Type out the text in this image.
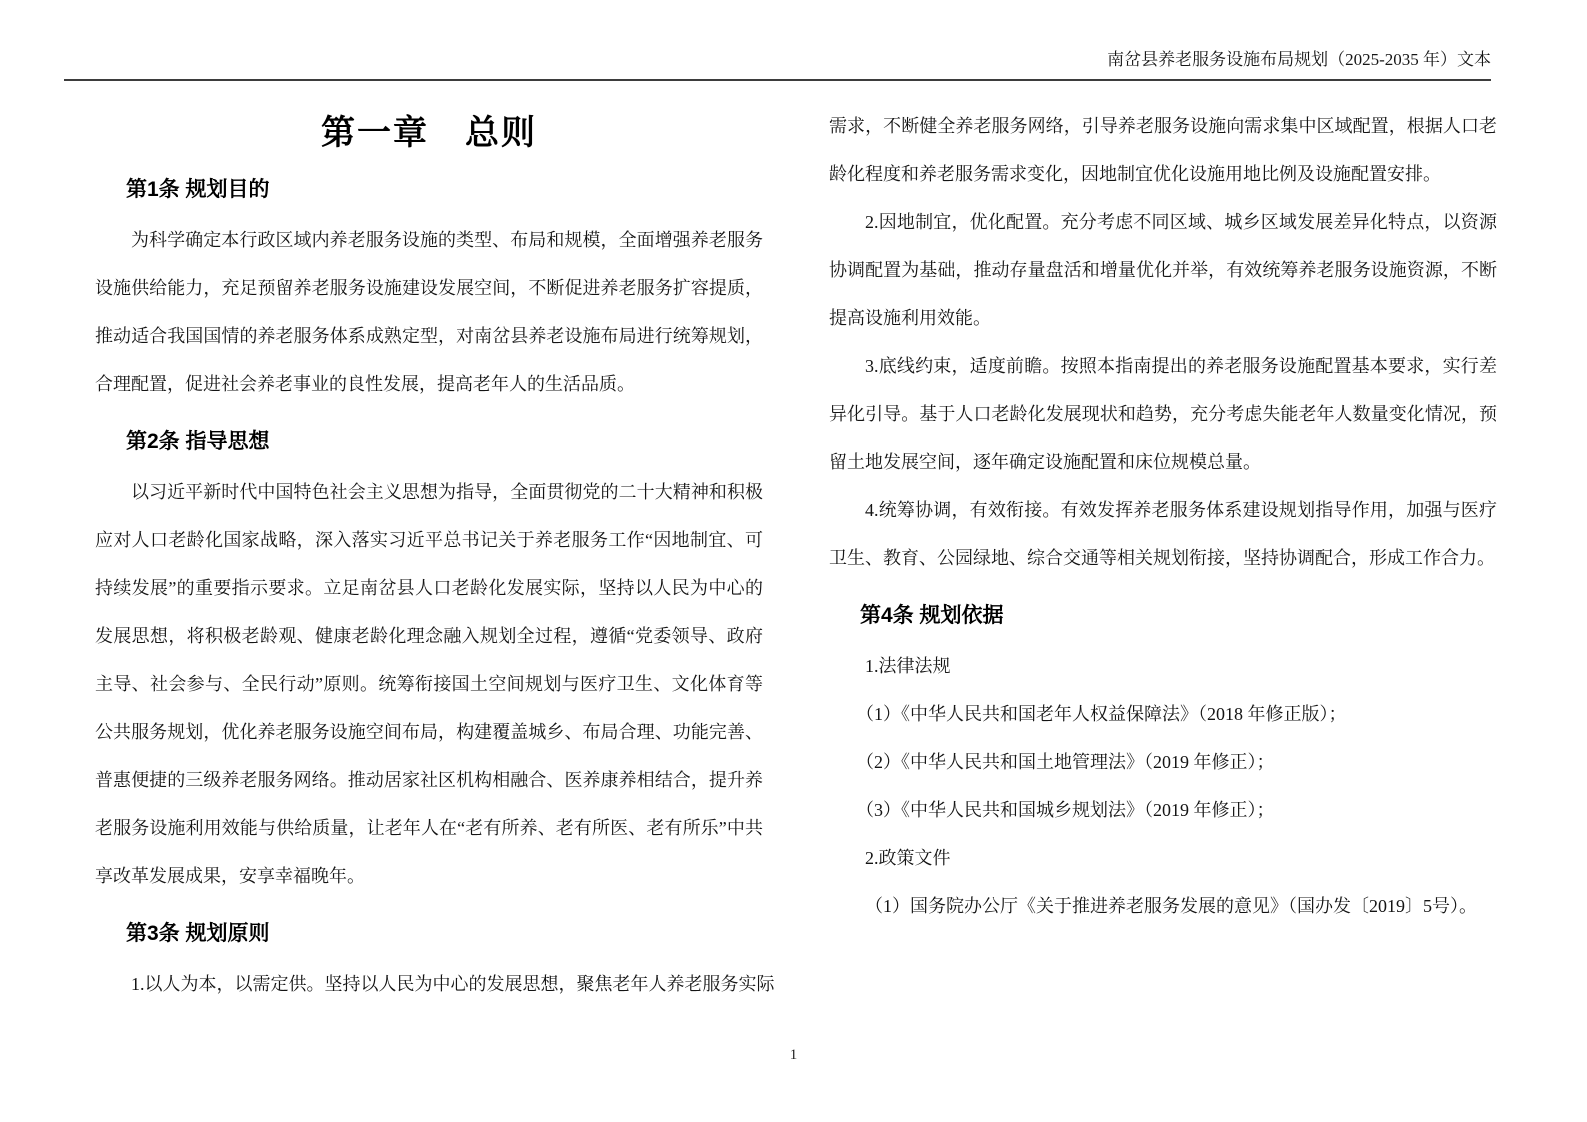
南岔县养老服务设施布局规划（2025-2035 年）文本
第一章　总则
第1条 规划目的

为科学确定本行政区域内养老服务设施的类型、布局和规模，全面增强养老服务设施供给能力，充足预留养老服务设施建设发展空间，不断促进养老服务扩容提质，推动适合我国国情的养老服务体系成熟定型，对南岔县养老设施布局进行统筹规划，合理配置，促进社会养老事业的良性发展，提高老年人的生活品质。

第2条 指导思想

以习近平新时代中国特色社会主义思想为指导，全面贯彻党的二十大精神和积极应对人口老龄化国家战略，深入落实习近平总书记关于养老服务工作“因地制宜、可持续发展”的重要指示要求。立足南岔县人口老龄化发展实际，坚持以人民为中心的发展思想，将积极老龄观、健康老龄化理念融入规划全过程，遵循“党委领导、政府主导、社会参与、全民行动”原则。统筹衔接国土空间规划与医疗卫生、文化体育等公共服务规划，优化养老服务设施空间布局，构建覆盖城乡、布局合理、功能完善、普惠便捷的三级养老服务网络。推动居家社区机构相融合、医养康养相结合，提升养老服务设施利用效能与供给质量，让老年人在“老有所养、老有所医、老有所乐”中共享改革发展成果，安享幸福晚年。

第3条 规划原则

1.以人为本，以需定供。坚持以人民为中心的发展思想，聚焦老年人养老服务实际

需求，不断健全养老服务网络，引导养老服务设施向需求集中区域配置，根据人口老龄化程度和养老服务需求变化，因地制宜优化设施用地比例及设施配置安排。

2.因地制宜，优化配置。充分考虑不同区域、城乡区域发展差异化特点，以资源协调配置为基础，推动存量盘活和增量优化并举，有效统筹养老服务设施资源，不断提高设施利用效能。

3.底线约束，适度前瞻。按照本指南提出的养老服务设施配置基本要求，实行差异化引导。基于人口老龄化发展现状和趋势，充分考虑失能老年人数量变化情况，预留土地发展空间，逐年确定设施配置和床位规模总量。

4.统筹协调，有效衔接。有效发挥养老服务体系建设规划指导作用，加强与医疗卫生、教育、公园绿地、综合交通等相关规划衔接，坚持协调配合，形成工作合力。

第4条 规划依据

1.法律法规

（1）《中华人民共和国老年人权益保障法》（2018 年修正版）；

（2）《中华人民共和国土地管理法》（2019 年修正）；

（3）《中华人民共和国城乡规划法》（2019 年修正）；

2.政策文件

（1）国务院办公厅《关于推进养老服务发展的意见》（国办发〔2019〕5号）。

1
